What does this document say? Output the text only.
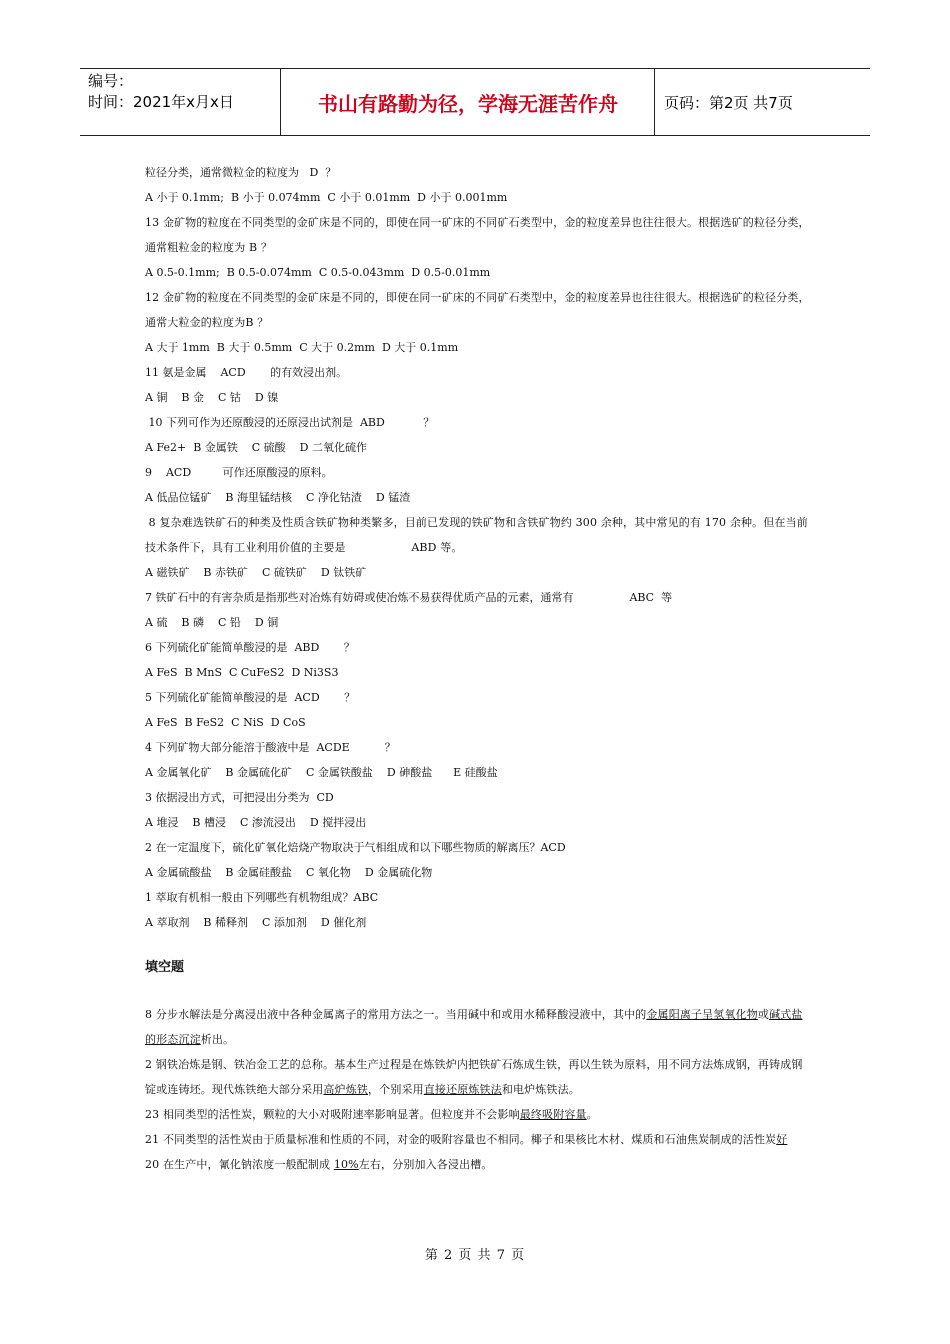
编号：
时间：2021年x月x日	书山有路勤为径，学海无涯苦作舟	页码：第2页 共7页

粒径分类，通常微粒金的粒度为   D  ？

A 小于 0.1mm;  B 小于 0.074mm  C 小于 0.01mm  D 小于 0.001mm

13 金矿物的粒度在不同类型的金矿床是不同的，即使在同一矿床的不同矿石类型中，金的粒度差异也往往很大。根据选矿的粒径分类，通常粗粒金的粒度为 B ？

A 0.5-0.1mm;  B 0.5-0.074mm  C 0.5-0.043mm  D 0.5-0.01mm

12 金矿物的粒度在不同类型的金矿床是不同的，即使在同一矿床的不同矿石类型中，金的粒度差异也往往很大。根据选矿的粒径分类，通常大粒金的粒度为B ？

A 大于 1mm  B 大于 0.5mm  C 大于 0.2mm  D 大于 0.1mm

11 氨是金属    ACD       的有效浸出剂。

A 铜    B 金    C 钴    D 镍

10 下列可作为还原酸浸的还原浸出试剂是  ABD           ？

A Fe2+  B 金属铁    C 硫酸    D 二氧化硫作

9    ACD         可作还原酸浸的原料。

A 低品位锰矿    B 海里锰结核    C 净化钴渣    D 锰渣

8 复杂难选铁矿石的种类及性质含铁矿物种类繁多，目前已发现的铁矿物和含铁矿物约 300 余种，其中常见的有 170 余种。但在当前技术条件下，具有工业利用价值的主要是                  ABD 等。

A 磁铁矿    B 赤铁矿    C 硫铁矿    D 钛铁矿

7 铁矿石中的有害杂质是指那些对冶炼有妨碍或使冶炼不易获得优质产品的元素，通常有                ABC  等

A 硫    B 磷    C 铅    D 铜

6 下列硫化矿能简单酸浸的是  ABD       ？

A FeS  B MnS  C CuFeS2  D Ni3S3

5 下列硫化矿能简单酸浸的是  ACD       ？

A FeS  B FeS2  C NiS  D CoS

4 下列矿物大部分能溶于酸液中是  ACDE          ？

A 金属氧化矿    B 金属硫化矿    C 金属铁酸盐    D 砷酸盐      E 硅酸盐

3 依据浸出方式，可把浸出分类为  CD

A 堆浸    B 槽浸    C 渗流浸出    D 搅拌浸出

2 在一定温度下，硫化矿氧化焙烧产物取决于气相组成和以下哪些物质的解离压？ACD

A 金属硫酸盐    B 金属硅酸盐    C 氧化物    D 金属硫化物

1 萃取有机相一般由下列哪些有机物组成？ABC

A 萃取剂    B 稀释剂    C 添加剂    D 催化剂

填空题

8 分步水解法是分离浸出液中各种金属离子的常用方法之一。当用碱中和或用水稀释酸浸液中，其中的金属阳离子呈氢氧化物或碱式盐的形态沉淀析出。

2 钢铁冶炼是钢、铁冶金工艺的总称。基本生产过程是在炼铁炉内把铁矿石炼成生铁，再以生铁为原料，用不同方法炼成钢，再铸成钢锭或连铸坯。现代炼铁绝大部分采用高炉炼铁，个别采用直接还原炼铁法和电炉炼铁法。

23 相同类型的活性炭，颗粒的大小对吸附速率影响显著。但粒度并不会影响最终吸附容量。

21 不同类型的活性炭由于质量标准和性质的不同，对金的吸附容量也不相同。椰子和果核比木材、煤质和石油焦炭制成的活性炭好

20 在生产中，氰化钠浓度一般配制成 10%左右，分别加入各浸出槽。

第 2 页 共 7 页
